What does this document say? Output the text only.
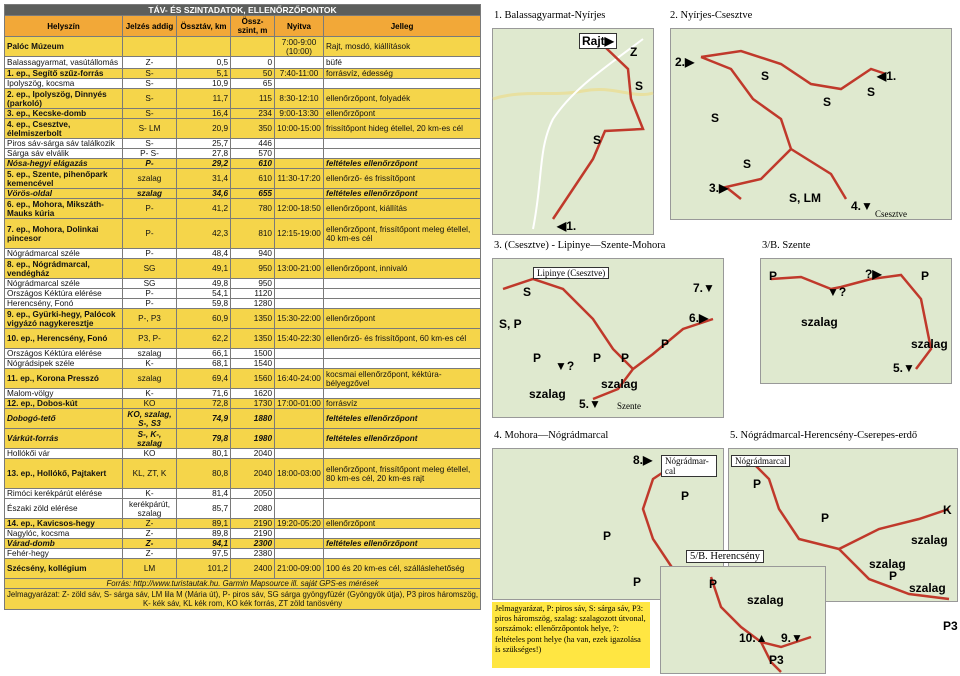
TÁV- ÉS SZINTADATOK, ELLENŐRZŐPONTOK					
Helyszín	Jelzés addig	Össztáv, km	Össz-szint, m	Nyitva	Jelleg
Palóc Múzeum				7:00-9:00 (10:00)	Rajt, mosdó, kiállítások
Balassagyarmat, vasútállomás	Z-	0,5	0		büfé
1. ep., Segítő szűz-forrás	S-	5,1	50	7:40-11:00	forrásvíz, édesség
Ipolyszög, kocsma	S-	10,9	65		
2. ep., Ipolyszög, Dinnyés (parkoló)	S-	11,7	115	8:30-12:10	ellenőrzőpont, folyadék
3. ep., Kecske-domb	S-	16,4	234	9:00-13:30	ellenőrzőpont
4. ep., Csesztve, élelmiszerbolt	S- LM	20,9	350	10:00-15:00	frissítőpont hideg étellel, 20 km-es cél
Piros sáv-sárga sáv találkozik	S-	25,7	446		
Sárga sáv elválik	P- S-	27,8	570		
Nósa-hegyi elágazás	P-	29,2	610		feltételes ellenőrzőpont
5. ep., Szente, pihenőpark kemencével	szalag	31,4	610	11:30-17:20	ellenőrző- és frissítőpont
Vörös-oldal	szalag	34,6	655		feltételes ellenőrzőpont
6. ep., Mohora, Mikszáth-Mauks kúria	P-	41,2	780	12:00-18:50	ellenőrzőpont, kiállítás
7. ep., Mohora, Dolinkai pincesor	P-	42,3	810	12:15-19:00	ellenőrzőpont, frissítőpont meleg étellel, 40 km-es cél
Nógrádmarcal széle	P-	48,4	940		
8. ep., Nógrádmarcal, vendégház	SG	49,1	950	13:00-21:00	ellenőrzőpont, innivaló
Nógrádmarcal széle	SG	49,8	950		
Országos Kéktúra elérése	P-	54,1	1120		
Herencsény, Fonó	P-	59,8	1280		
9. ep., Gyürki-hegy, Palócok vigyázó nagykeresztje	P-, P3	60,9	1350	15:30-22:00	ellenőrzőpont
10. ep., Herencsény, Fonó	P3, P-	62,2	1350	15:40-22:30	ellenőrző- és frissítőpont, 60 km-es cél
Országos Kéktúra elérése	szalag	66,1	1500		
Nógrádsipek széle	K-	68,1	1540		
11. ep., Korona Presszó	szalag	69,4	1560	16:40-24:00	kocsmai ellenőrzőpont, kéktúra-bélyegzővel
Malom-völgy	K-	71,6	1620		
12. ep., Dobos-kút	KO	72,8	1730	17:00-01:00	forrásvíz
Dobogó-tető	KO, szalag, S-, S3	74,9	1880		feltételes ellenőrzőpont
Várkút-forrás	S-, K-, szalag	79,8	1980		feltételes ellenőrzőpont
Hollókői vár	KO	80,1	2040		
13. ep., Hollókő, Pajtakert	KL, ZT, K	80,8	2040	18:00-03:00	ellenőrzőpont, frissítőpont meleg étellel, 80 km-es cél, 20 km-es rajt
Rimóci kerékpárút elérése	K-	81,4	2050		
Északi zöld elérése	kerékpárút, szalag	85,7	2080		
14. ep., Kavicsos-hegy	Z-	89,1	2190	19:20-05:20	ellenőrzőpont
Nagylóc, kocsma	Z-	89,8	2190		
Várad-domb	Z-	94,1	2300		feltételes ellenőrzőpont
Fehér-hegy	Z-	97,5	2380		
Szécsény, kollégium	LM	101,2	2400	21:00-09:00	100 és 20 km-es cél, szálláslehetőség
Forrás: http://www.turistautak.hu. Garmin Mapsource ill. saját GPS-es mérések					
Jelmagyarázat: Z- zöld sáv, S- sárga sáv, LM lila M (Mária út), P- piros sáv, SG sárga gyöngyfüzér (Gyöngyök útja), P3 piros háromszög, K- kék sáv, KL kék rom, KO kék forrás, ZT zöld tanösvény					
1. Balassagyarmat-Nyírjes
Rajt▶
Z
S
S
◀1.
2. Nyírjes-Csesztve
2.▶
S
S
S
◀1.
S
S
3.▶
S, LM
4.▼
Csesztve
3. (Csesztve) - Lipinye—Szente-Mohora
Lipinye (Csesztve)
S	7.▼
S, P	6.▶
P
▼?
P	P P
szalag
szalag
5.▼ Szente
3/B. Szente
P	?▶	P
▼?
szalag
szalag
5.▼
4. Mohora—Nógrádmarcal
8.▶	Nógrádmar-cal
P
P
P
5. Nógrádmarcal-Herencsény-Cserepes-erdő
Nógrádmarcal
P
P
K
szalag
szalag
szalag
P3
P
5/B. Herencsény
P
szalag
10.▲ 9.▼
P3
Jelmagyarázat, P: piros sáv, S: sárga sáv, P3: piros háromszög, szalag: szalagozott útvonal, sorszámok: ellenőrzőpontok helye, ?: feltételes pont helye (ha van, ezek igazolása is szükséges!)
